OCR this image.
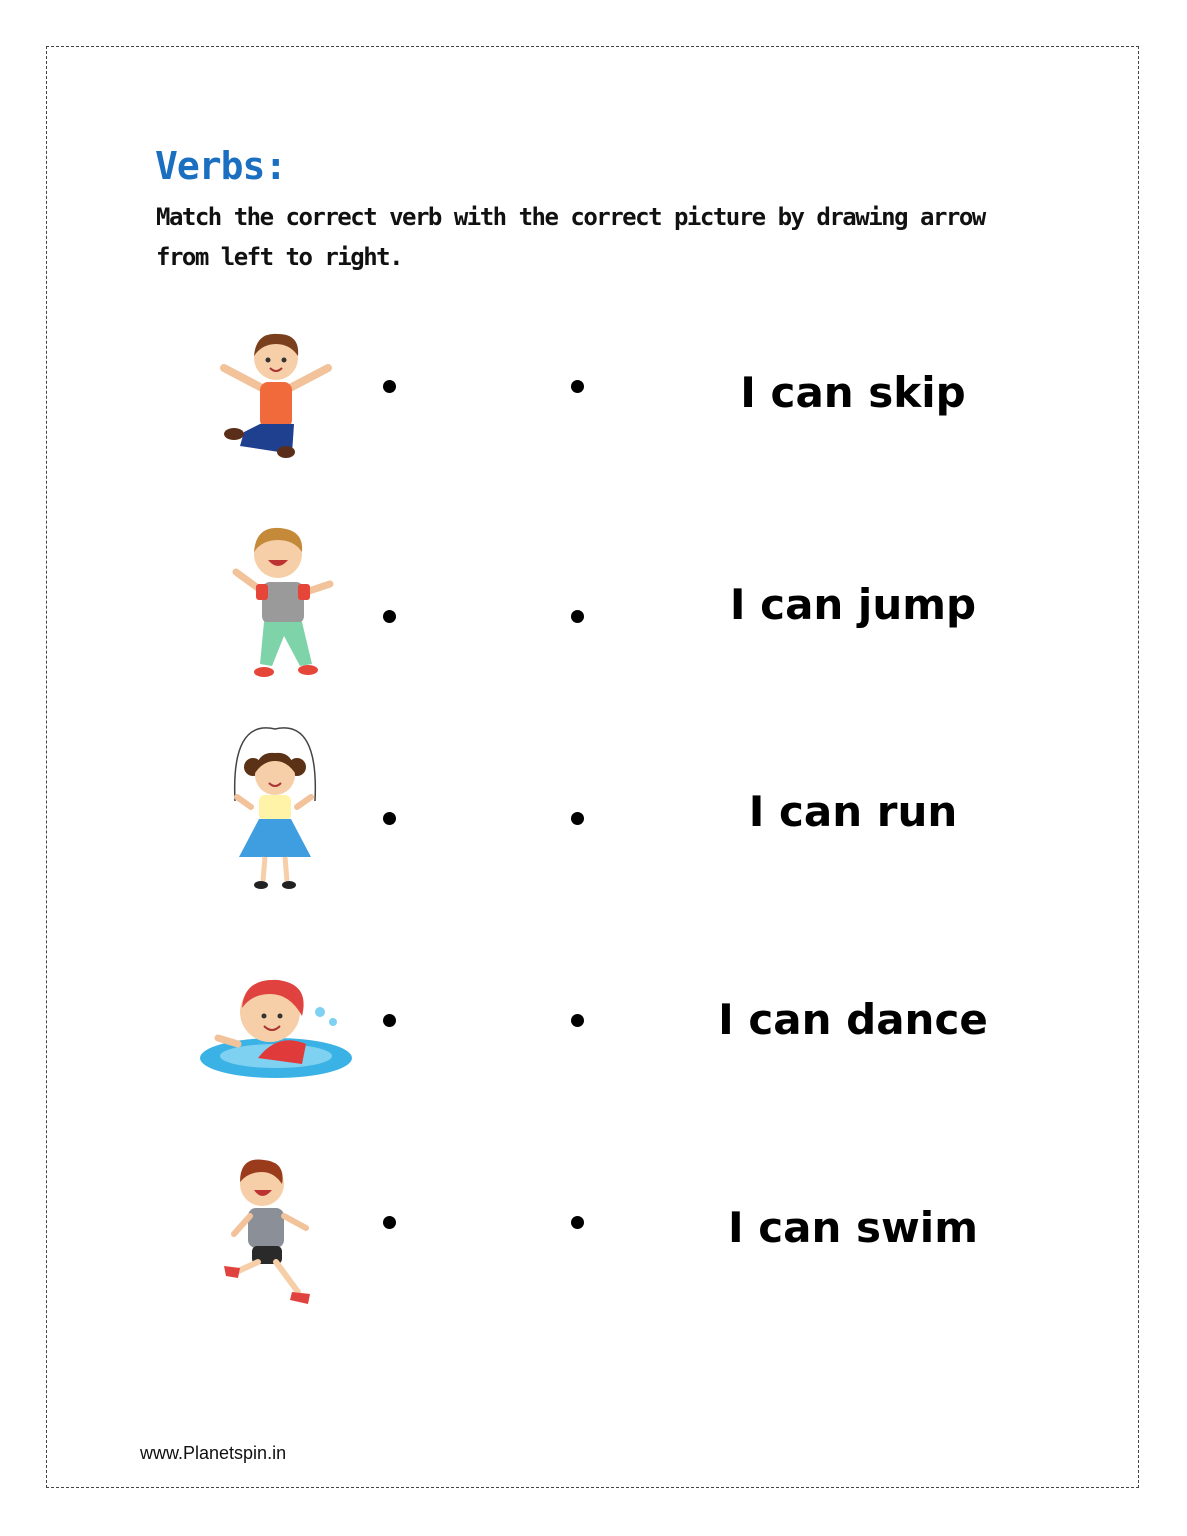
Verbs:
Match the correct verb with the correct picture by drawing arrow from left to right.
I can skip
I can jump
I can run
I can dance
I can swim
www.Planetspin.in
